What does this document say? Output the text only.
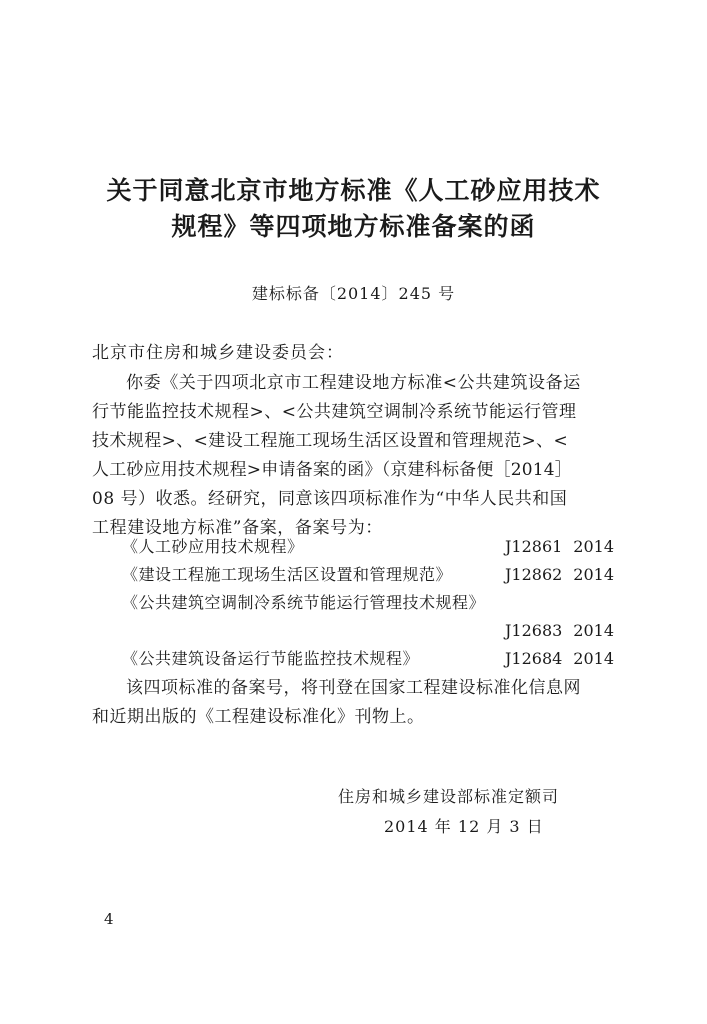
关于同意北京市地方标准《人工砂应用技术
规程》等四项地方标准备案的函
建标标备〔2014〕245 号
北京市住房和城乡建设委员会：
你委《关于四项北京市工程建设地方标准<公共建筑设备运
行节能监控技术规程>、<公共建筑空调制冷系统节能运行管理
技术规程>、<建设工程施工现场生活区设置和管理规范>、<
人工砂应用技术规程>申请备案的函》（京建科标备便［2014］
08 号）收悉。经研究，同意该四项标准作为“中华人民共和国
工程建设地方标准”备案，备案号为：
《人工砂应用技术规程》	J12861 2014
《建设工程施工现场生活区设置和管理规范》	J12862 2014
《公共建筑空调制冷系统节能运行管理技术规程》
J12683 2014
《公共建筑设备运行节能监控技术规程》	J12684 2014
该四项标准的备案号，将刊登在国家工程建设标准化信息网
和近期出版的《工程建设标准化》刊物上。
住房和城乡建设部标准定额司
2014 年 12 月 3 日
4
